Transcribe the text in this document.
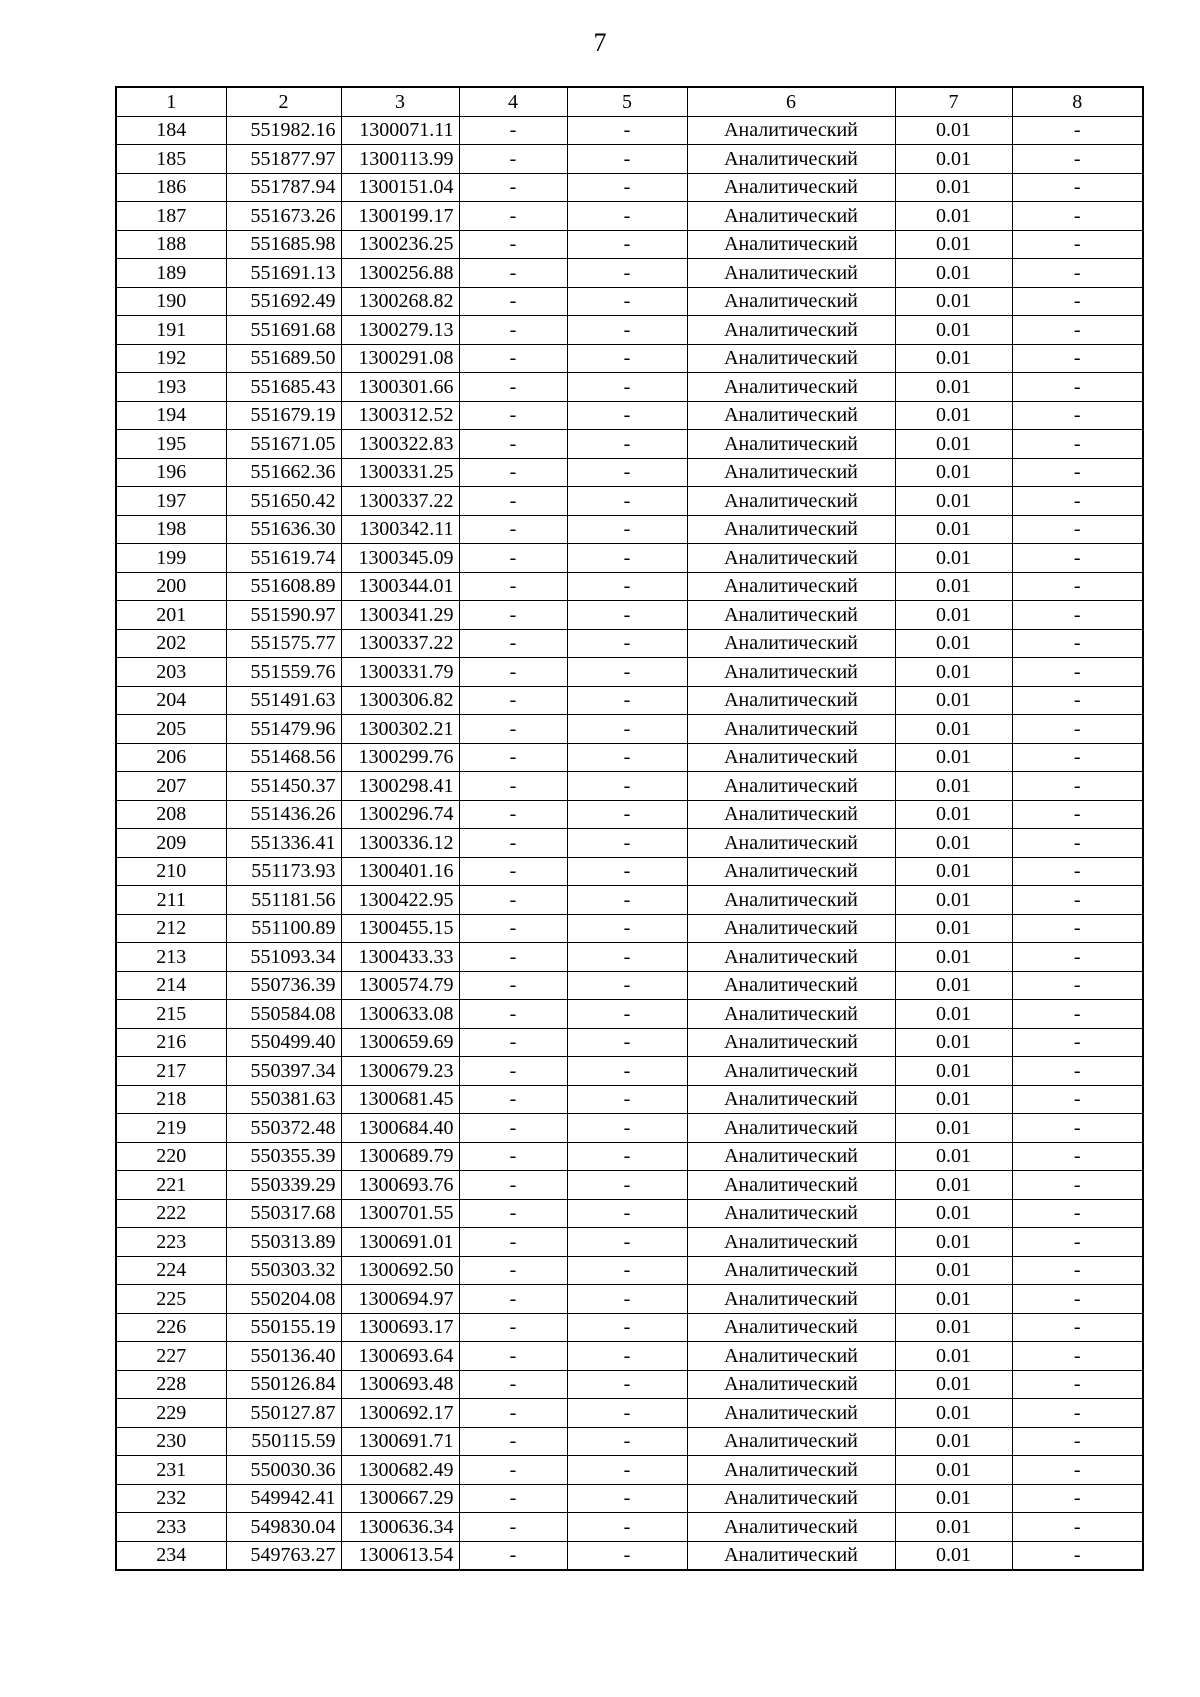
7
1	2	3	4	5	6	7	8
184	551982.16	1300071.11	-	-	Аналитический	0.01	-
185	551877.97	1300113.99	-	-	Аналитический	0.01	-
186	551787.94	1300151.04	-	-	Аналитический	0.01	-
187	551673.26	1300199.17	-	-	Аналитический	0.01	-
188	551685.98	1300236.25	-	-	Аналитический	0.01	-
189	551691.13	1300256.88	-	-	Аналитический	0.01	-
190	551692.49	1300268.82	-	-	Аналитический	0.01	-
191	551691.68	1300279.13	-	-	Аналитический	0.01	-
192	551689.50	1300291.08	-	-	Аналитический	0.01	-
193	551685.43	1300301.66	-	-	Аналитический	0.01	-
194	551679.19	1300312.52	-	-	Аналитический	0.01	-
195	551671.05	1300322.83	-	-	Аналитический	0.01	-
196	551662.36	1300331.25	-	-	Аналитический	0.01	-
197	551650.42	1300337.22	-	-	Аналитический	0.01	-
198	551636.30	1300342.11	-	-	Аналитический	0.01	-
199	551619.74	1300345.09	-	-	Аналитический	0.01	-
200	551608.89	1300344.01	-	-	Аналитический	0.01	-
201	551590.97	1300341.29	-	-	Аналитический	0.01	-
202	551575.77	1300337.22	-	-	Аналитический	0.01	-
203	551559.76	1300331.79	-	-	Аналитический	0.01	-
204	551491.63	1300306.82	-	-	Аналитический	0.01	-
205	551479.96	1300302.21	-	-	Аналитический	0.01	-
206	551468.56	1300299.76	-	-	Аналитический	0.01	-
207	551450.37	1300298.41	-	-	Аналитический	0.01	-
208	551436.26	1300296.74	-	-	Аналитический	0.01	-
209	551336.41	1300336.12	-	-	Аналитический	0.01	-
210	551173.93	1300401.16	-	-	Аналитический	0.01	-
211	551181.56	1300422.95	-	-	Аналитический	0.01	-
212	551100.89	1300455.15	-	-	Аналитический	0.01	-
213	551093.34	1300433.33	-	-	Аналитический	0.01	-
214	550736.39	1300574.79	-	-	Аналитический	0.01	-
215	550584.08	1300633.08	-	-	Аналитический	0.01	-
216	550499.40	1300659.69	-	-	Аналитический	0.01	-
217	550397.34	1300679.23	-	-	Аналитический	0.01	-
218	550381.63	1300681.45	-	-	Аналитический	0.01	-
219	550372.48	1300684.40	-	-	Аналитический	0.01	-
220	550355.39	1300689.79	-	-	Аналитический	0.01	-
221	550339.29	1300693.76	-	-	Аналитический	0.01	-
222	550317.68	1300701.55	-	-	Аналитический	0.01	-
223	550313.89	1300691.01	-	-	Аналитический	0.01	-
224	550303.32	1300692.50	-	-	Аналитический	0.01	-
225	550204.08	1300694.97	-	-	Аналитический	0.01	-
226	550155.19	1300693.17	-	-	Аналитический	0.01	-
227	550136.40	1300693.64	-	-	Аналитический	0.01	-
228	550126.84	1300693.48	-	-	Аналитический	0.01	-
229	550127.87	1300692.17	-	-	Аналитический	0.01	-
230	550115.59	1300691.71	-	-	Аналитический	0.01	-
231	550030.36	1300682.49	-	-	Аналитический	0.01	-
232	549942.41	1300667.29	-	-	Аналитический	0.01	-
233	549830.04	1300636.34	-	-	Аналитический	0.01	-
234	549763.27	1300613.54	-	-	Аналитический	0.01	-
